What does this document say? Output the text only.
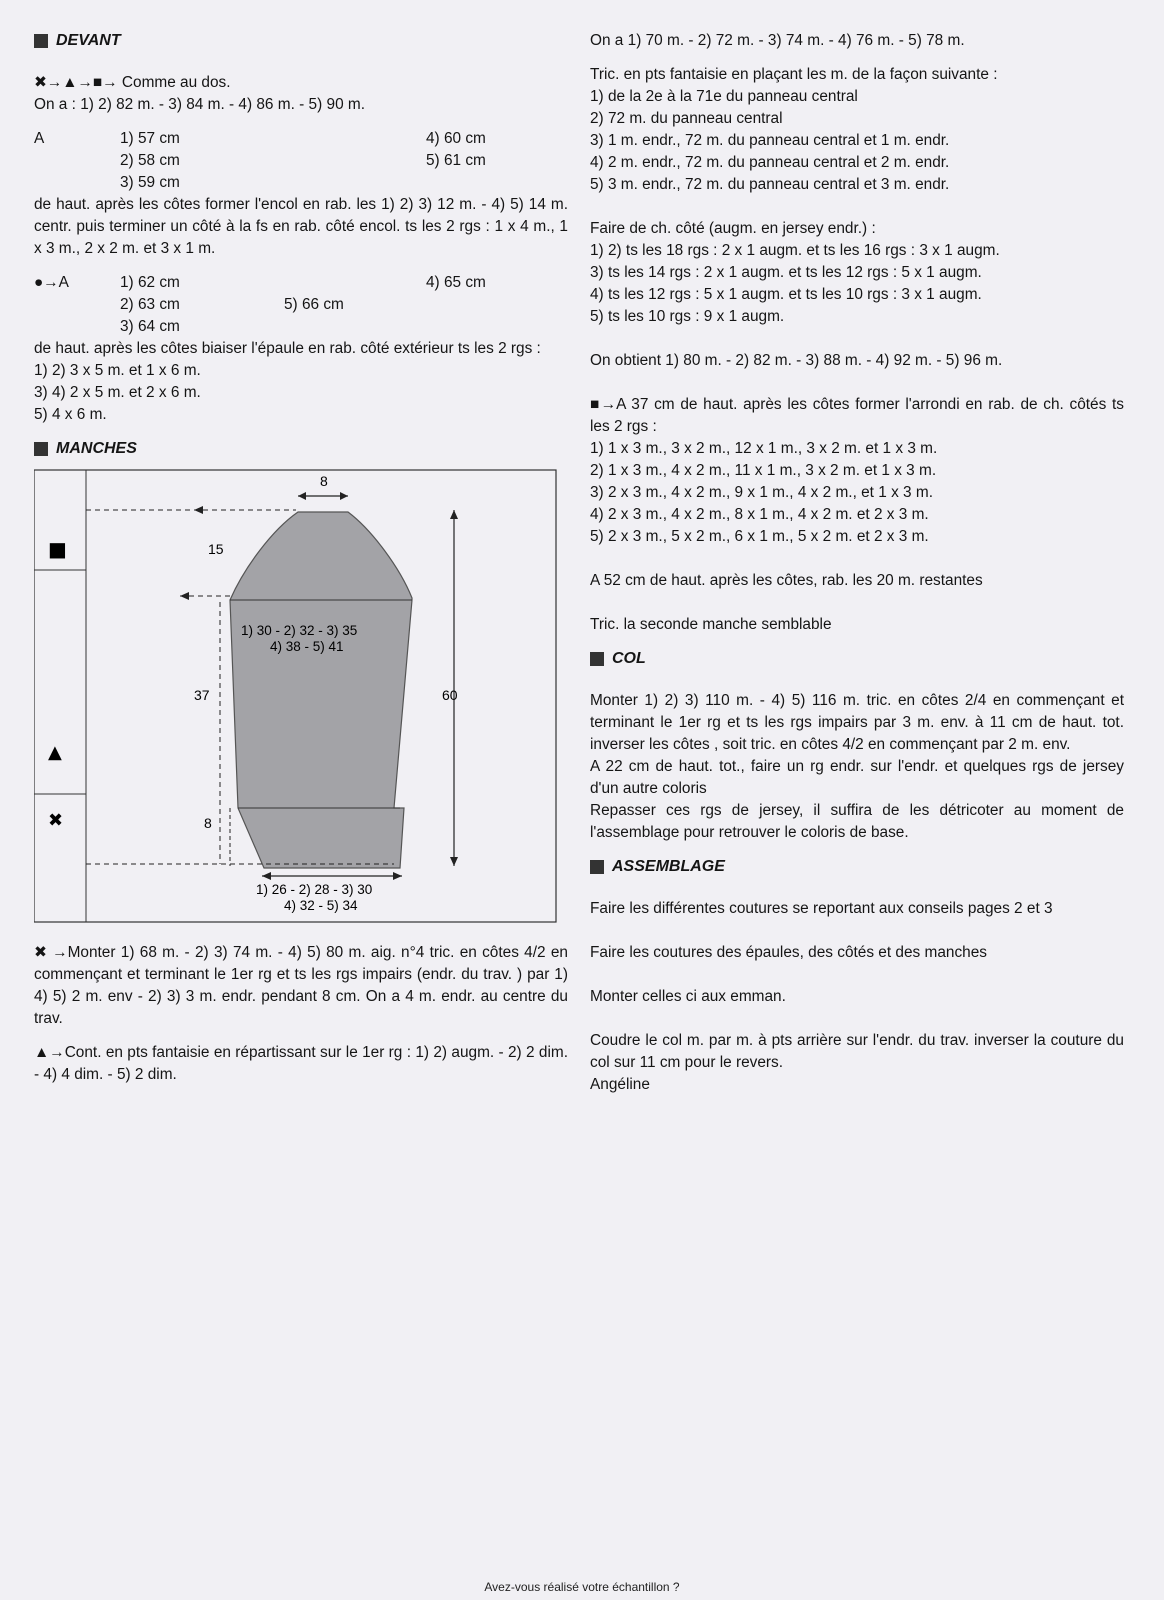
DEVANT

✖→▲→■→ Comme au dos.

On a : 1) 2) 82 m. - 3) 84 m. - 4) 86 m. - 5) 90 m.

A	1) 57 cm	4) 60 cm
2) 58 cm	5) 61 cm
3) 59 cm

de haut. après les côtes former l'encol en rab. les 1) 2) 3) 12 m. - 4) 5) 14 m. centr. puis terminer un côté à la fs en rab. côté encol. ts les 2 rgs : 1 x 4 m., 1 x 3 m., 2 x 2 m. et 3 x 1 m.

●→A	1) 62 cm	4) 65 cm
2) 63 cm	5) 66 cm
3) 64 cm

de haut. après les côtes biaiser l'épaule en rab. côté extérieur ts les 2 rgs :

1) 2) 3 x 5 m. et 1 x 6 m.

3) 4) 2 x 5 m. et 2 x 6 m.

5) 4 x 6 m.

MANCHES
8
15
1) 30 - 2) 32 - 3) 35
4) 38 - 5) 41
60
37
8
1) 26 - 2) 28 - 3) 30
4) 32 - 5) 34
■
▲
✖

✖ →Monter 1) 68 m. - 2) 3) 74 m. - 4) 5) 80 m. aig. n°4 tric. en côtes 4/2 en commençant et terminant le 1er rg et ts les rgs impairs (endr. du trav. ) par 1) 4) 5) 2 m. env - 2) 3) 3 m. endr. pendant 8 cm. On a 4 m. endr. au centre du trav.

▲→Cont. en pts fantaisie en répartissant sur le 1er rg : 1) 2) augm. - 2) 2 dim. - 4) 4 dim. - 5) 2 dim.

On a 1) 70 m. - 2) 72 m. - 3) 74 m. - 4) 76 m. - 5) 78 m.

Tric. en pts fantaisie en plaçant les m. de la façon suivante :

1) de la 2e à la 71e du panneau central

2) 72 m. du panneau central

3) 1 m. endr., 72 m. du panneau central et 1 m. endr.

4) 2 m. endr., 72 m. du panneau central et 2 m. endr.

5) 3 m. endr., 72 m. du panneau central et 3 m. endr.

Faire de ch. côté (augm. en jersey endr.) :

1) 2) ts les 18 rgs : 2 x 1 augm. et ts les 16 rgs : 3 x 1 augm.

3) ts les 14 rgs : 2 x 1 augm. et ts les 12 rgs : 5 x 1 augm.

4) ts les 12 rgs : 5 x 1 augm. et ts les 10 rgs : 3 x 1 augm.

5) ts les 10 rgs : 9 x 1 augm.

On obtient 1) 80 m. - 2) 82 m. - 3) 88 m. - 4) 92 m. - 5) 96 m.

■→A 37 cm de haut. après les côtes former l'arrondi en rab. de ch. côtés ts les 2 rgs :

1) 1 x 3 m., 3 x 2 m., 12 x 1 m., 3 x 2 m. et 1 x 3 m.

2) 1 x 3 m., 4 x 2 m., 11 x 1 m., 3 x 2 m. et 1 x 3 m.

3) 2 x 3 m., 4 x 2 m., 9 x 1 m., 4 x 2 m., et 1 x 3 m.

4) 2 x 3 m., 4 x 2 m., 8 x 1 m., 4 x 2 m. et 2 x 3 m.

5) 2 x 3 m., 5 x 2 m., 6 x 1 m., 5 x 2 m. et 2 x 3 m.

A 52 cm de haut. après les côtes, rab. les 20 m. restantes

Tric. la seconde manche semblable

COL

Monter 1) 2) 3) 110 m. - 4) 5) 116 m. tric. en côtes 2/4 en commençant et terminant le 1er rg et ts les rgs impairs par 3 m. env. à 11 cm de haut. tot. inverser les côtes , soit tric. en côtes 4/2 en commençant par 2 m. env.

A 22 cm de haut. tot., faire un rg endr. sur l'endr. et quelques rgs de jersey d'un autre coloris

Repasser ces rgs de jersey, il suffira de les détricoter au moment de l'assemblage pour retrouver le coloris de base.

ASSEMBLAGE

Faire les différentes coutures se reportant aux conseils pages 2 et 3

Faire les coutures des épaules, des côtés et des manches

Monter celles ci aux emman.

Coudre le col m. par m. à pts arrière sur l'endr. du trav. inverser la couture du col sur 11 cm pour le revers.

Angéline

Avez-vous réalisé votre échantillon ?
